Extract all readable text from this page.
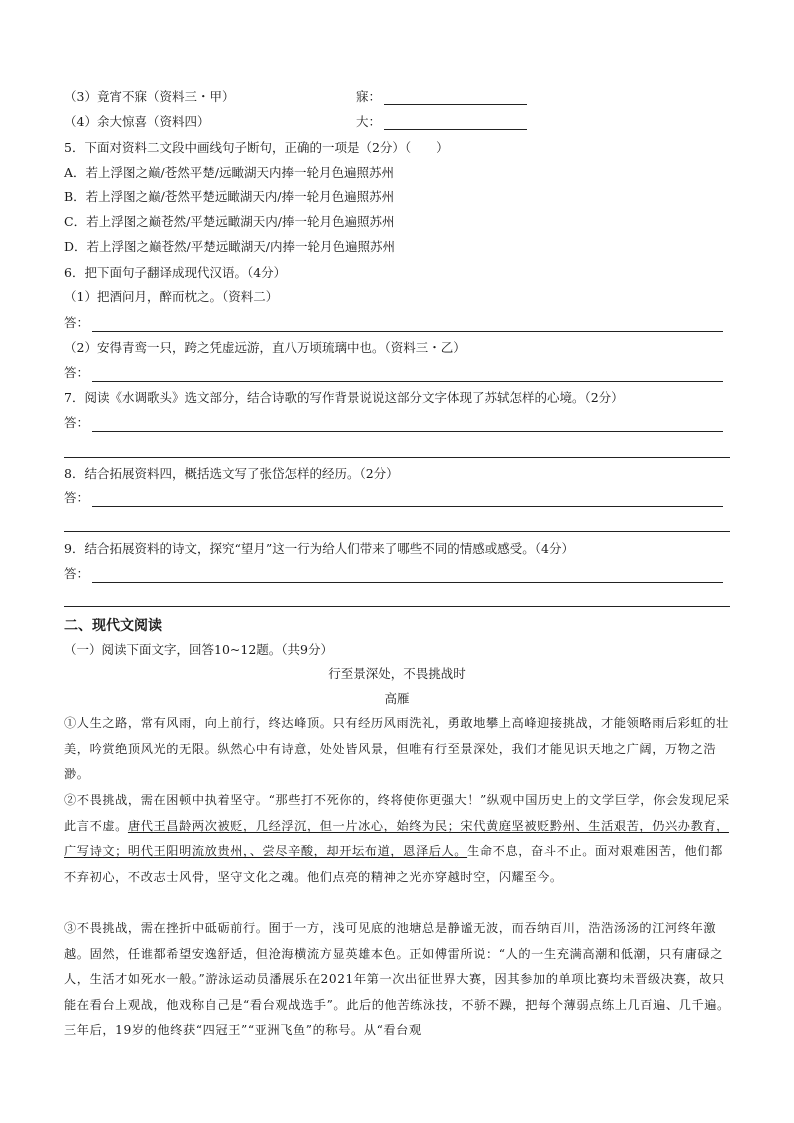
（3）竟宵不寐（资料三・甲）	寐：
（4）余大惊喜（资料四）	大：
5．下面对资料二文段中画线句子断句，正确的一项是（2分）（　　）
A．若上浮图之巅/苍然平楚/远瞰湖天内捧一轮月色遍照苏州
B．若上浮图之巅/苍然平楚远瞰湖天内/捧一轮月色遍照苏州
C．若上浮图之巅苍然/平楚远瞰湖天内/捧一轮月色遍照苏州
D．若上浮图之巅苍然/平楚远瞰湖天/内捧一轮月色遍照苏州
6．把下面句子翻译成现代汉语。（4分）
（1）把酒问月，醉而枕之。（资料二）
答：
（2）安得青鸾一只，跨之凭虚远游，直八万顷琉璃中也。（资料三・乙）
答：
7．阅读《水调歌头》选文部分，结合诗歌的写作背景说说这部分文字体现了苏轼怎样的心境。（2分）
答：
8．结合拓展资料四，概括选文写了张岱怎样的经历。（2分）
答：
9．结合拓展资料的诗文，探究“望月”这一行为给人们带来了哪些不同的情感或感受。（4分）
答：
二、现代文阅读
（一）阅读下面文字，回答10~12题。（共9分）
行至景深处，不畏挑战时
高雁
①人生之路，常有风雨，向上前行，终达峰顶。只有经历风雨洗礼，勇敢地攀上高峰迎接挑战，才能领略雨后彩虹的壮美，吟赏绝顶风光的无限。纵然心中有诗意，处处皆风景，但唯有行至景深处，我们才能见识天地之广阔，万物之浩渺。
②不畏挑战，需在困顿中执着坚守。“那些打不死你的，终将使你更强大！”纵观中国历史上的文学巨学，你会发现尼采此言不虚。唐代王昌龄两次被贬，几经浮沉，但一片冰心，始终为民；宋代黄庭坚被贬黔州、生活艰苦，仍兴办教育，广写诗文；明代王阳明流放贵州，、尝尽辛酸，却开坛布道，恩泽后人。生命不息，奋斗不止。面对艰难困苦，他们都不弃初心，不改志士风骨，坚守文化之魂。他们点亮的精神之光亦穿越时空，闪耀至今。
③不畏挑战，需在挫折中砥砺前行。囿于一方，浅可见底的池塘总是静谧无波，而吞纳百川，浩浩汤汤的江河终年激越。固然，任谁都希望安逸舒适，但沧海横流方显英雄本色。正如傅雷所说：“人的一生充满高潮和低潮，只有庸碌之人，生活才如死水一般。”游泳运动员潘展乐在2021年第一次出征世界大赛，因其参加的单项比赛均未晋级决赛，故只能在看台上观战，他戏称自己是“看台观战选手”。此后的他苦练泳技，不骄不躁，把每个薄弱点练上几百遍、几千遍。三年后，19岁的他终获“四冠王”“亚洲飞鱼”的称号。从“看台观
